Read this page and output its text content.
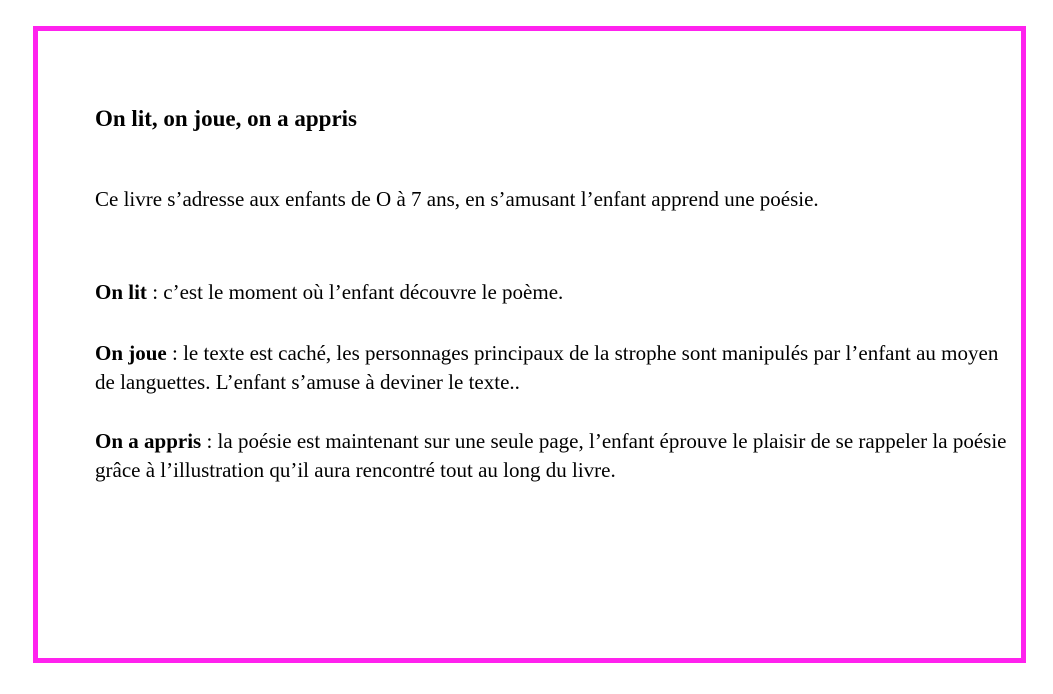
On lit, on joue, on a appris

Ce livre s’adresse aux enfants de O à 7 ans, en s’amusant l’enfant apprend une poésie.

On lit : c’est le moment où l’enfant découvre le poème.

On joue : le texte est caché, les personnages principaux de la strophe sont manipulés par l’enfant au moyen de languettes. L’enfant s’amuse à deviner le texte..

On a appris : la poésie est maintenant sur une seule page, l’enfant éprouve le plaisir de se rappeler la poésie grâce à l’illustration qu’il aura rencontré tout au long du livre.
